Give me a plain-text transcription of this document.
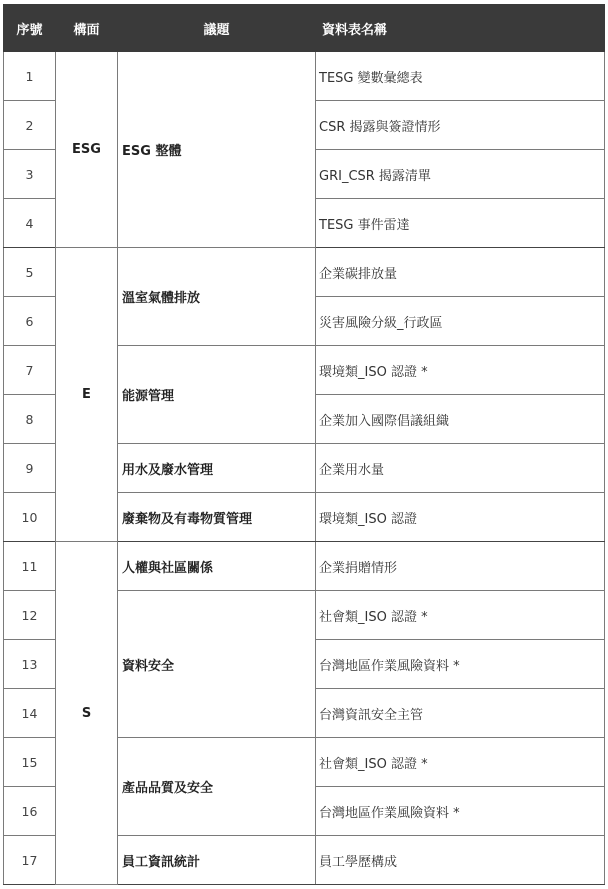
序號	構面	議題	資料表名稱
1	ESG	ESG 整體	TESG 變數彙總表
2			CSR 揭露與簽證情形
3			GRI_CSR 揭露清單
4			TESG 事件雷達
5	E	溫室氣體排放	企業碳排放量
6			災害風險分級_行政區
7		能源管理	環境類_ISO 認證 *
8			企業加入國際倡議組織
9		用水及廢水管理	企業用水量
10		廢棄物及有毒物質管理	環境類_ISO 認證
11	S	人權與社區關係	企業捐贈情形
12		資料安全	社會類_ISO 認證 *
13			台灣地區作業風險資料 *
14			台灣資訊安全主管
15		產品品質及安全	社會類_ISO 認證 *
16			台灣地區作業風險資料 *
17		員工資訊統計	員工學歷構成
